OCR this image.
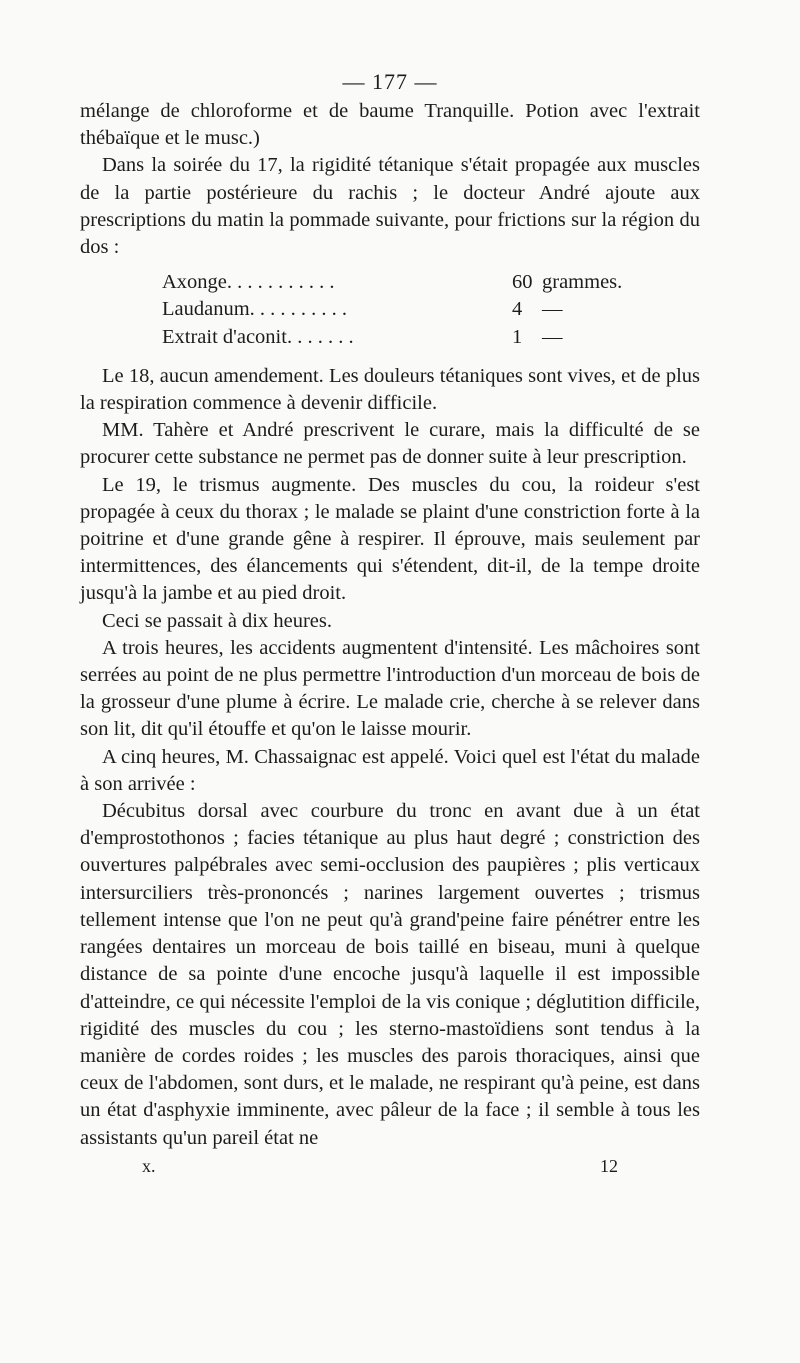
— 177 —

mélange de chloroforme et de baume Tranquille. Potion avec l'extrait thébaïque et le musc.)

Dans la soirée du 17, la rigidité tétanique s'était propagée aux muscles de la partie postérieure du rachis ; le docteur André ajoute aux prescriptions du matin la pommade suivante, pour frictions sur la région du dos :

Axonge. . . . . . . . . . .	60 grammes.
Laudanum. . . . . . . . . .	4 —
Extrait d'aconit. . . . . . .	1 —

Le 18, aucun amendement. Les douleurs tétaniques sont vives, et de plus la respiration commence à devenir difficile.

MM. Tahère et André prescrivent le curare, mais la difficulté de se procurer cette substance ne permet pas de donner suite à leur prescription.

Le 19, le trismus augmente. Des muscles du cou, la roideur s'est propagée à ceux du thorax ; le malade se plaint d'une constriction forte à la poitrine et d'une grande gêne à respirer. Il éprouve, mais seulement par intermittences, des élancements qui s'étendent, dit-il, de la tempe droite jusqu'à la jambe et au pied droit.

Ceci se passait à dix heures.

A trois heures, les accidents augmentent d'intensité. Les mâchoires sont serrées au point de ne plus permettre l'introduction d'un morceau de bois de la grosseur d'une plume à écrire. Le malade crie, cherche à se relever dans son lit, dit qu'il étouffe et qu'on le laisse mourir.

A cinq heures, M. Chassaignac est appelé. Voici quel est l'état du malade à son arrivée :

Décubitus dorsal avec courbure du tronc en avant due à un état d'emprostothonos ; facies tétanique au plus haut degré ; constriction des ouvertures palpébrales avec semi-occlusion des paupières ; plis verticaux intersurciliers très-prononcés ; narines largement ouvertes ; trismus tellement intense que l'on ne peut qu'à grand'peine faire pénétrer entre les rangées dentaires un morceau de bois taillé en biseau, muni à quelque distance de sa pointe d'une encoche jusqu'à laquelle il est impossible d'atteindre, ce qui nécessite l'emploi de la vis conique ; déglutition difficile, rigidité des muscles du cou ; les sterno-mastoïdiens sont tendus à la manière de cordes roides ; les muscles des parois thoraciques, ainsi que ceux de l'abdomen, sont durs, et le malade, ne respirant qu'à peine, est dans un état d'asphyxie imminente, avec pâleur de la face ; il semble à tous les assistants qu'un pareil état ne

x.	12
